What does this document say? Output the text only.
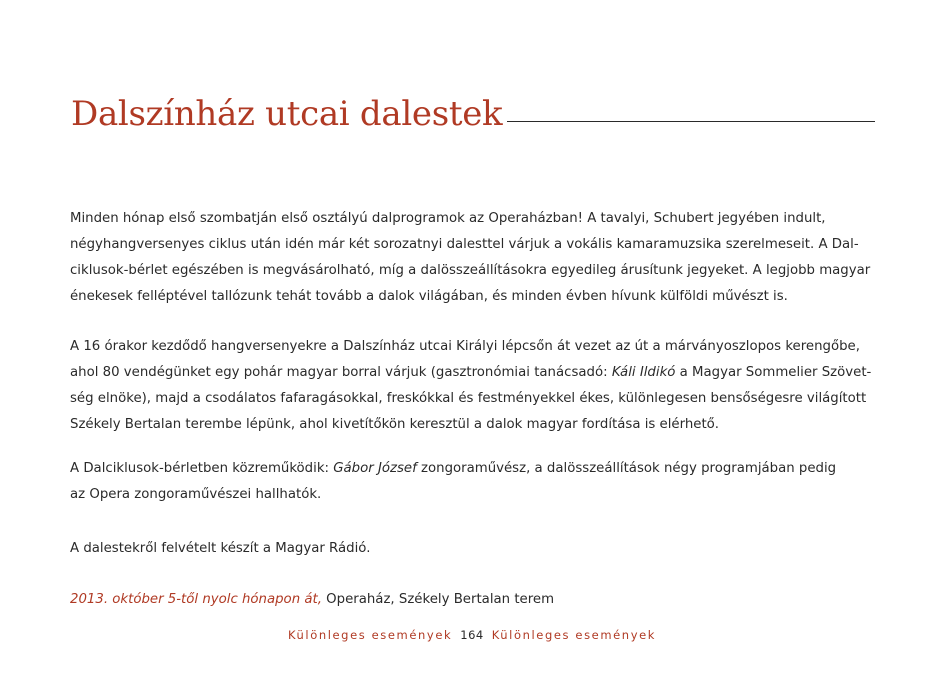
Dalszínház utcai dalestek

Minden hónap első szombatján első osztályú dalprogramok az Operaházban! A tavalyi, Schubert jegyében indult,
négyhangversenyes ciklus után idén már két sorozatnyi dalesttel várjuk a vokális kamaramuzsika szerelmeseit. A Dal-
ciklusok-bérlet egészében is megvásárolható, míg a dalösszeállításokra egyedileg árusítunk jegyeket. A legjobb magyar
énekesek felléptével tallózunk tehát tovább a dalok világában, és minden évben hívunk külföldi művészt is.

A 16 órakor kezdődő hangversenyekre a Dalszínház utcai Királyi lépcsőn át vezet az út a márványoszlopos kerengőbe,
ahol 80 vendégünket egy pohár magyar borral várjuk (gasztronómiai tanácsadó: Káli Ildikó a Magyar Sommelier Szövet-
ség elnöke), majd a csodálatos fafaragásokkal, freskókkal és festményekkel ékes, különlegesen bensőségesre világított
Székely Bertalan terembe lépünk, ahol kivetítőkön keresztül a dalok magyar fordítása is elérhető.

A Dalciklusok-bérletben közreműködik: Gábor József zongoraművész, a dalösszeállítások négy programjában pedig
az Opera zongoraművészei hallhatók.

A dalestekről felvételt készít a Magyar Rádió.

2013. október 5-től nyolc hónapon át, Operaház, Székely Bertalan terem

Különleges események 164 Különleges események
